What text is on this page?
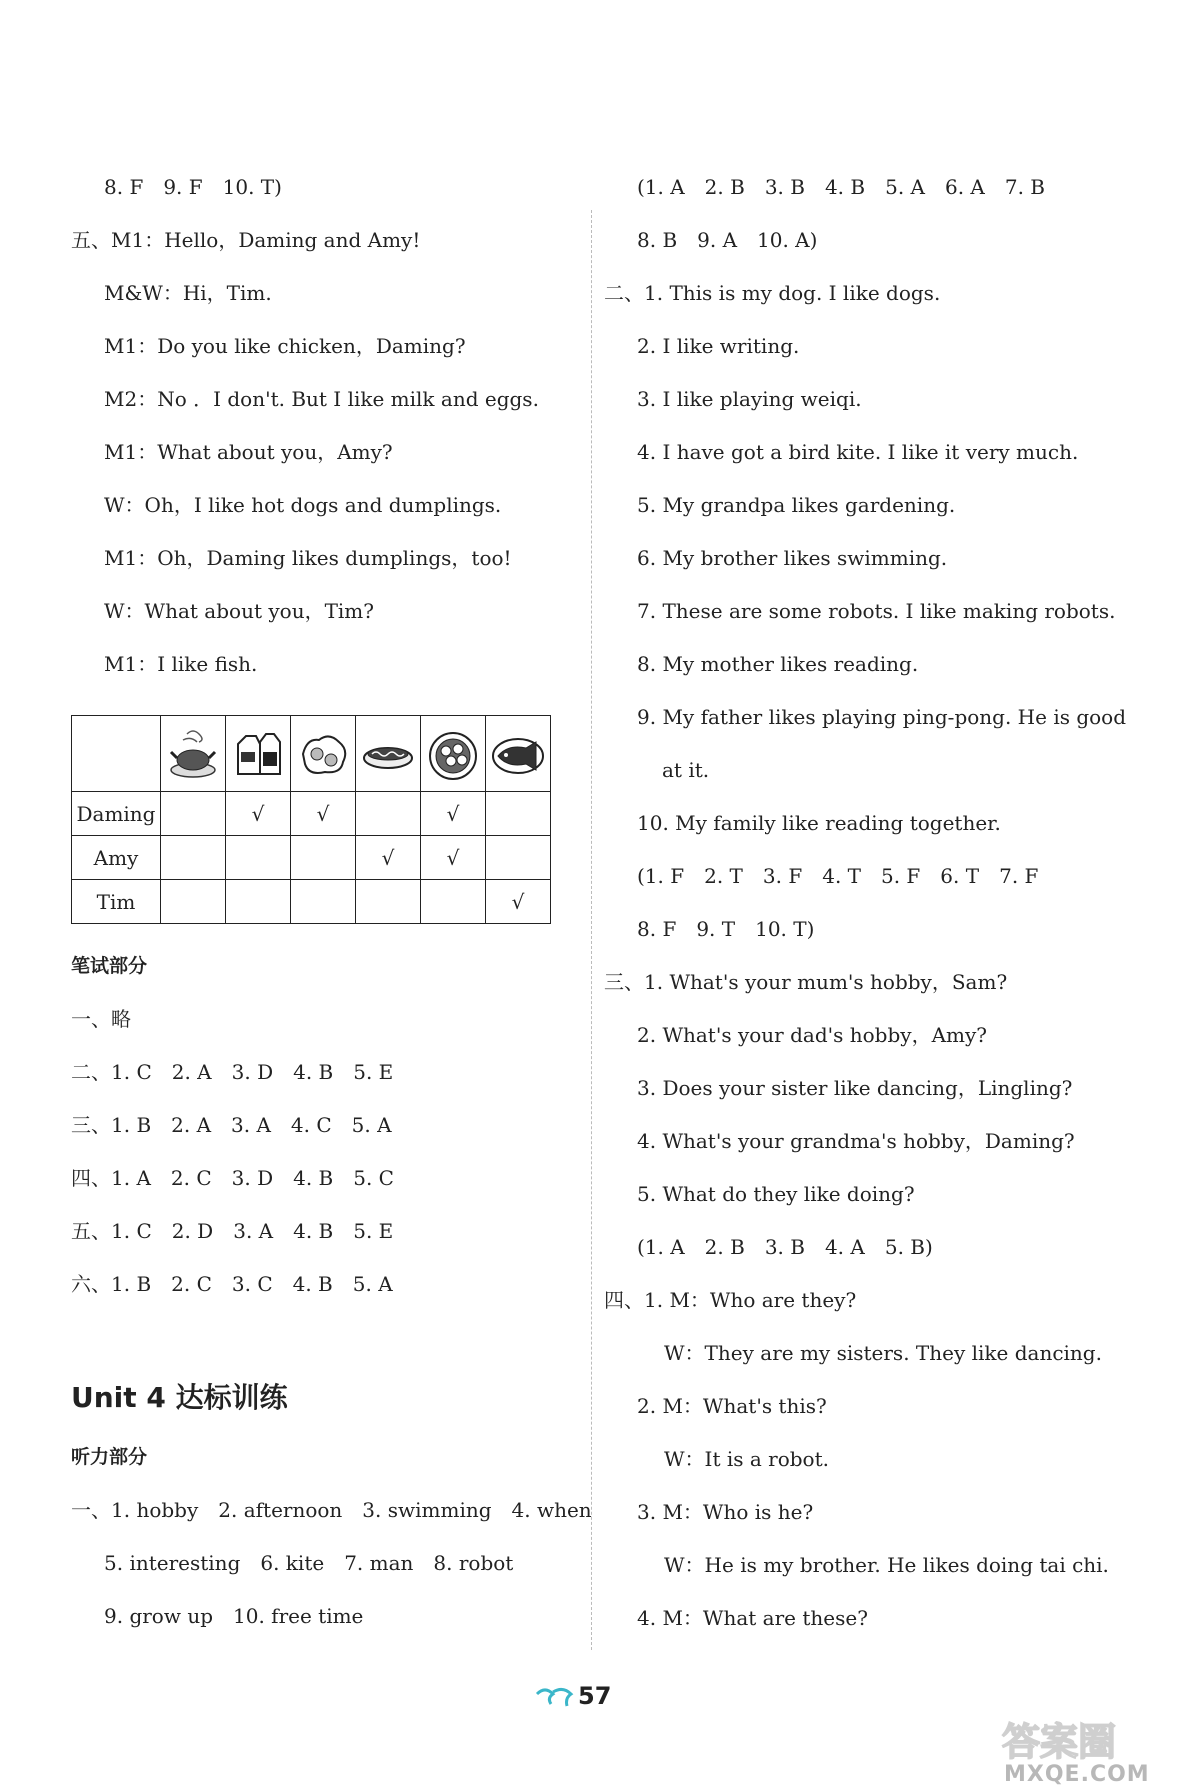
8. F　9. F　10. T)
五、M1：Hello，Daming and Amy!
M&W：Hi，Tim.
M1：Do you like chicken，Daming?
M2：No ．I don't. But I like milk and eggs.
M1：What about you，Amy?
W：Oh，I like hot dogs and dumplings.
M1：Oh，Daming likes dumplings，too!
W：What about you，Tim?
M1：I like fish.

Daming		√	√		√	
Amy				√	√	
Tim						√
笔试部分
一、略
二、1. C　2. A　3. D　4. B　5. E
三、1. B　2. A　3. A　4. C　5. A
四、1. A　2. C　3. D　4. B　5. C
五、1. C　2. D　3. A　4. B　5. E
六、1. B　2. C　3. C　4. B　5. A
Unit 4 达标训练
听力部分
一、1. hobby　2. afternoon　3. swimming　4. when
5. interesting　6. kite　7. man　8. robot
9. grow up　10. free time
(1. A　2. B　3. B　4. B　5. A　6. A　7. B
8. B　9. A　10. A)
二、1. This is my dog. I like dogs.
2. I like writing.
3. I like playing weiqi.
4. I have got a bird kite. I like it very much.
5. My grandpa likes gardening.
6. My brother likes swimming.
7. These are some robots. I like making robots.
8. My mother likes reading.
9. My father likes playing ping-pong. He is good
at it.
10. My family like reading together.
(1. F　2. T　3. F　4. T　5. F　6. T　7. F
8. F　9. T　10. T)
三、1. What's your mum's hobby，Sam?
2. What's your dad's hobby，Amy?
3. Does your sister like dancing，Lingling?
4. What's your grandma's hobby，Daming?
5. What do they like doing?
(1. A　2. B　3. B　4. A　5. B)
四、1. M：Who are they?
W：They are my sisters. They like dancing.
2. M：What's this?
W：It is a robot.
3. M：Who is he?
W：He is my brother. He likes doing tai chi.
4. M：What are these?
57
答案圈
MXQE.COM
